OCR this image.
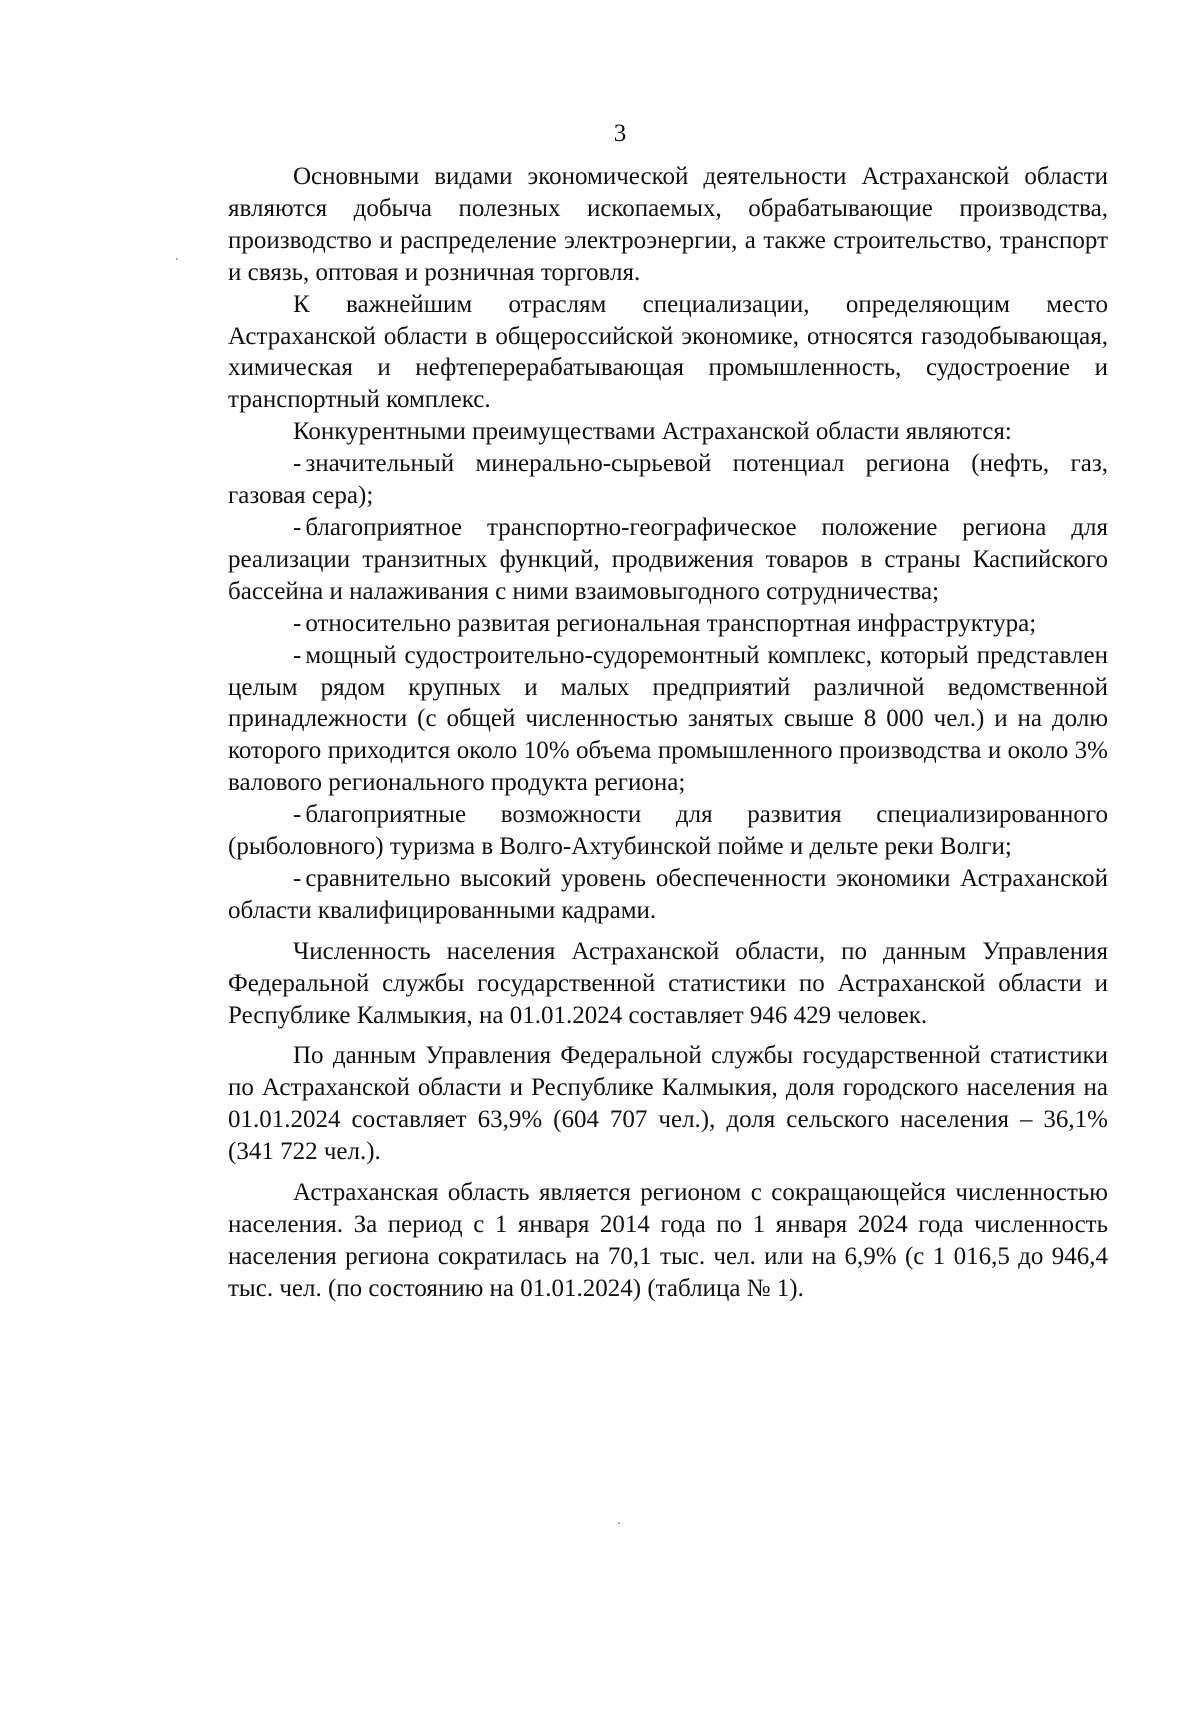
3

Основными видами экономической деятельности Астраханской области являются добыча полезных ископаемых, обрабатывающие производства, производство и распределение электроэнергии, а также строительство, транспорт и связь, оптовая и розничная торговля.

К важнейшим отраслям специализации, определяющим место Астраханской области в общероссийской экономике, относятся газодобывающая, химическая и нефтеперерабатывающая промышленность, судостроение и транспортный комплекс.

Конкурентными преимуществами Астраханской области являются:

- значительный минерально-сырьевой потенциал региона (нефть, газ, газовая сера);

- благоприятное транспортно-географическое положение региона для реализации транзитных функций, продвижения товаров в страны Каспийского бассейна и налаживания с ними взаимовыгодного сотрудничества;

- относительно развитая региональная транспортная инфраструктура;

- мощный судостроительно-судоремонтный комплекс, который представлен целым рядом крупных и малых предприятий различной ведомственной принадлежности (с общей численностью занятых свыше 8 000 чел.) и на долю которого приходится около 10% объема промышленного производства и около 3% валового регионального продукта региона;

- благоприятные возможности для развития специализированного (рыболовного) туризма в Волго-Ахтубинской пойме и дельте реки Волги;

- сравнительно высокий уровень обеспеченности экономики Астраханской области квалифицированными кадрами.

Численность населения Астраханской области, по данным Управления Федеральной службы государственной статистики по Астраханской области и Республике Калмыкия, на 01.01.2024 составляет 946 429 человек.

По данным Управления Федеральной службы государственной статистики по Астраханской области и Республике Калмыкия, доля городского населения на 01.01.2024 составляет 63,9% (604 707 чел.), доля сельского населения – 36,1% (341 722 чел.).

Астраханская область является регионом с сокращающейся численностью населения. За период с 1 января 2014 года по 1 января 2024 года численность населения региона сократилась на 70,1 тыс. чел. или на 6,9% (с 1 016,5 до 946,4 тыс. чел. (по состоянию на 01.01.2024) (таблица № 1).
